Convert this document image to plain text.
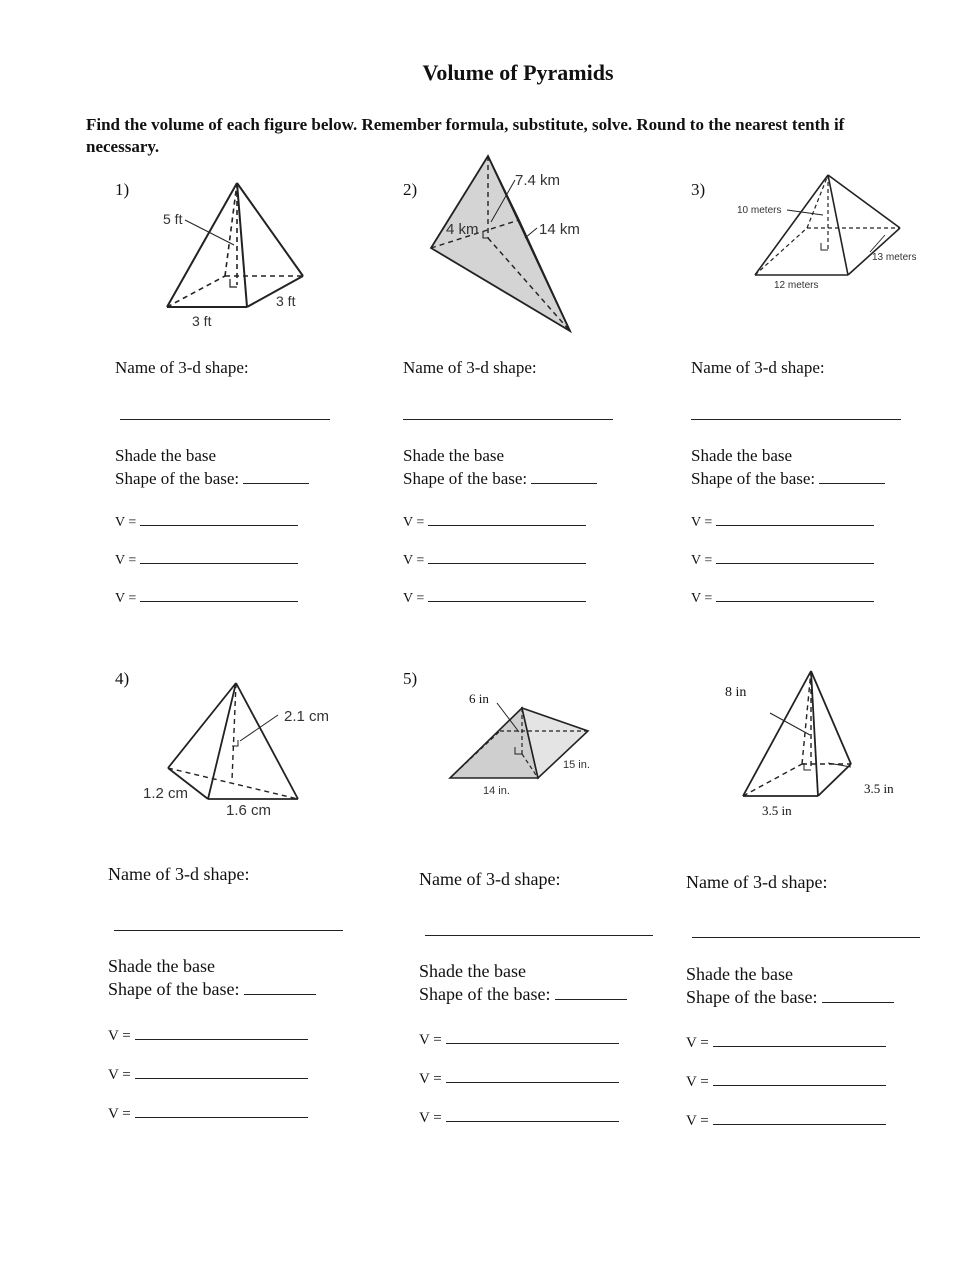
Volume of Pyramids
Find the volume of each figure below. Remember formula, substitute, solve. Round to the nearest tenth if necessary.
1)
5 ft
3 ft
3 ft
2)	7.4 km
4 km	14 km
3)
10 meters
13 meters
12 meters
Name of 3-d shape:
Shade the base
Shape of the base:
V =
V =
V =
Name of 3-d shape:
Shade the base
Shape of the base:
V =
V =
V =
Name of 3-d shape:
Shade the base
Shape of the base:
V =
V =
V =
4)
2.1 cm
1.2 cm
1.6 cm
5)
6 in
15 in.
14 in.
8 in
3.5 in
3.5 in
Name of 3-d shape:
Shade the base
Shape of the base:
V =
V =
V =
Name of 3-d shape:
Shade the base
Shape of the base:
V =
V =
V =
Name of 3-d shape:
Shade the base
Shape of the base:
V =
V =
V =
